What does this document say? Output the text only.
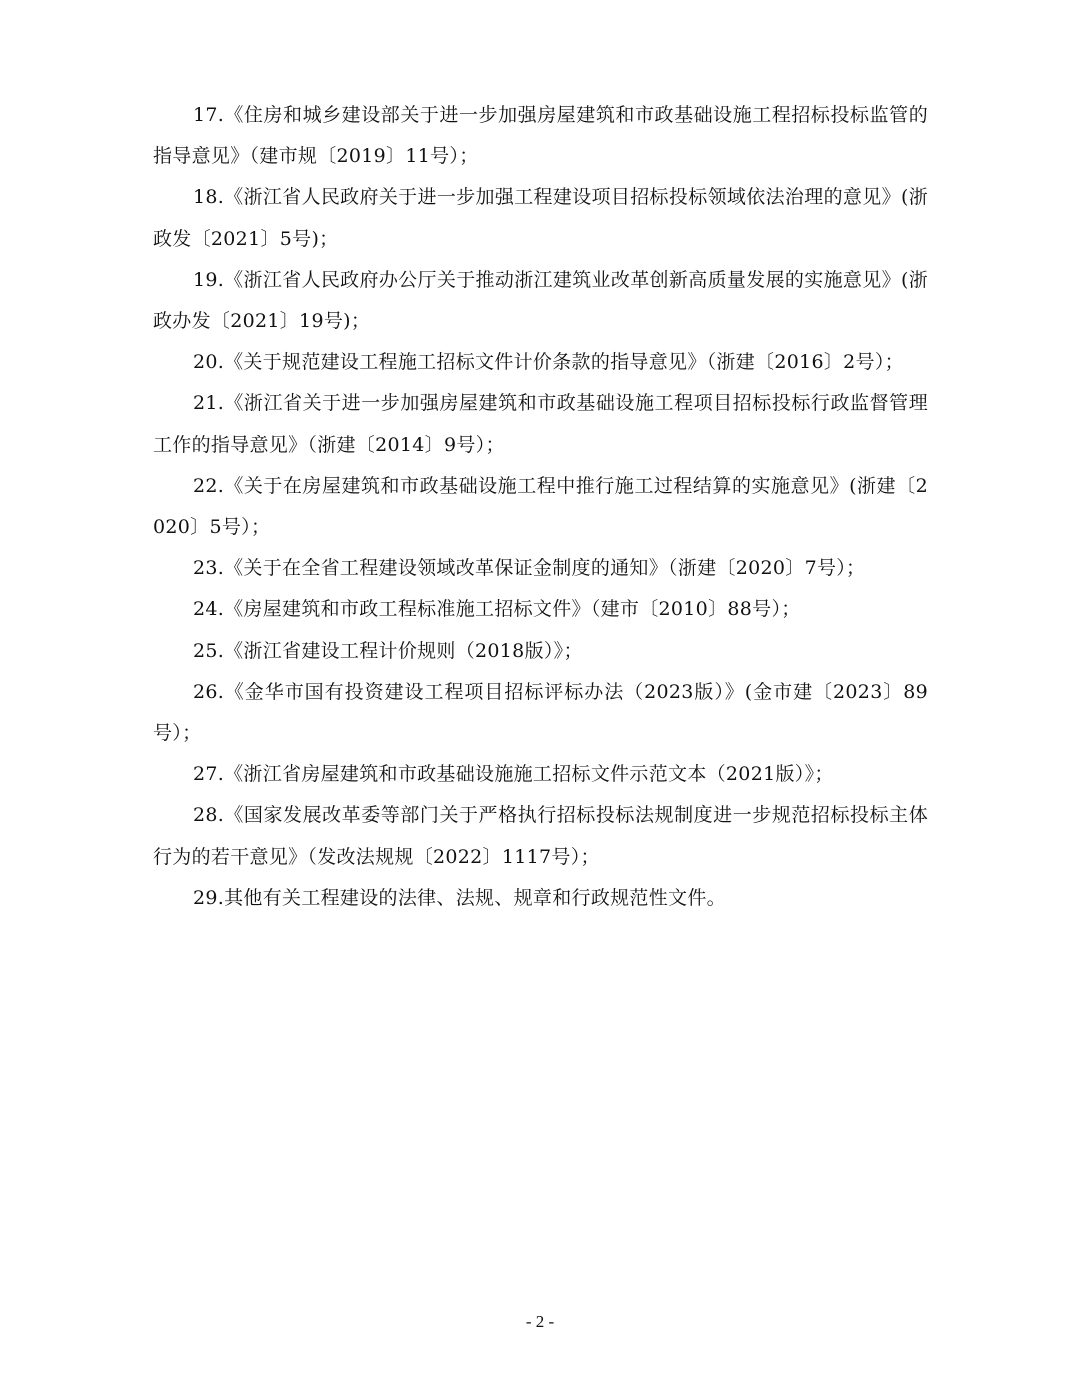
17.《住房和城乡建设部关于进一步加强房屋建筑和市政基础设施工程招标投标监管的指导意见》（建市规〔2019〕11号）；

18.《浙江省人民政府关于进一步加强工程建设项目招标投标领域依法治理的意见》(浙政发〔2021〕5号)；

19.《浙江省人民政府办公厅关于推动浙江建筑业改革创新高质量发展的实施意见》(浙政办发〔2021〕19号)；

20.《关于规范建设工程施工招标文件计价条款的指导意见》（浙建〔2016〕2号）；

21.《浙江省关于进一步加强房屋建筑和市政基础设施工程项目招标投标行政监督管理工作的指导意见》（浙建〔2014〕9号）；

22.《关于在房屋建筑和市政基础设施工程中推行施工过程结算的实施意见》(浙建〔2020〕5号）；

23.《关于在全省工程建设领域改革保证金制度的通知》（浙建〔2020〕7号）；

24.《房屋建筑和市政工程标准施工招标文件》（建市〔2010〕88号）；

25.《浙江省建设工程计价规则（2018版）》；

26.《金华市国有投资建设工程项目招标评标办法（2023版）》(金市建〔2023〕89号）；

27.《浙江省房屋建筑和市政基础设施施工招标文件示范文本（2021版）》；

28.《国家发展改革委等部门关于严格执行招标投标法规制度进一步规范招标投标主体行为的若干意见》（发改法规规〔2022〕1117号）；

29.其他有关工程建设的法律、法规、规章和行政规范性文件。

- 2 -
